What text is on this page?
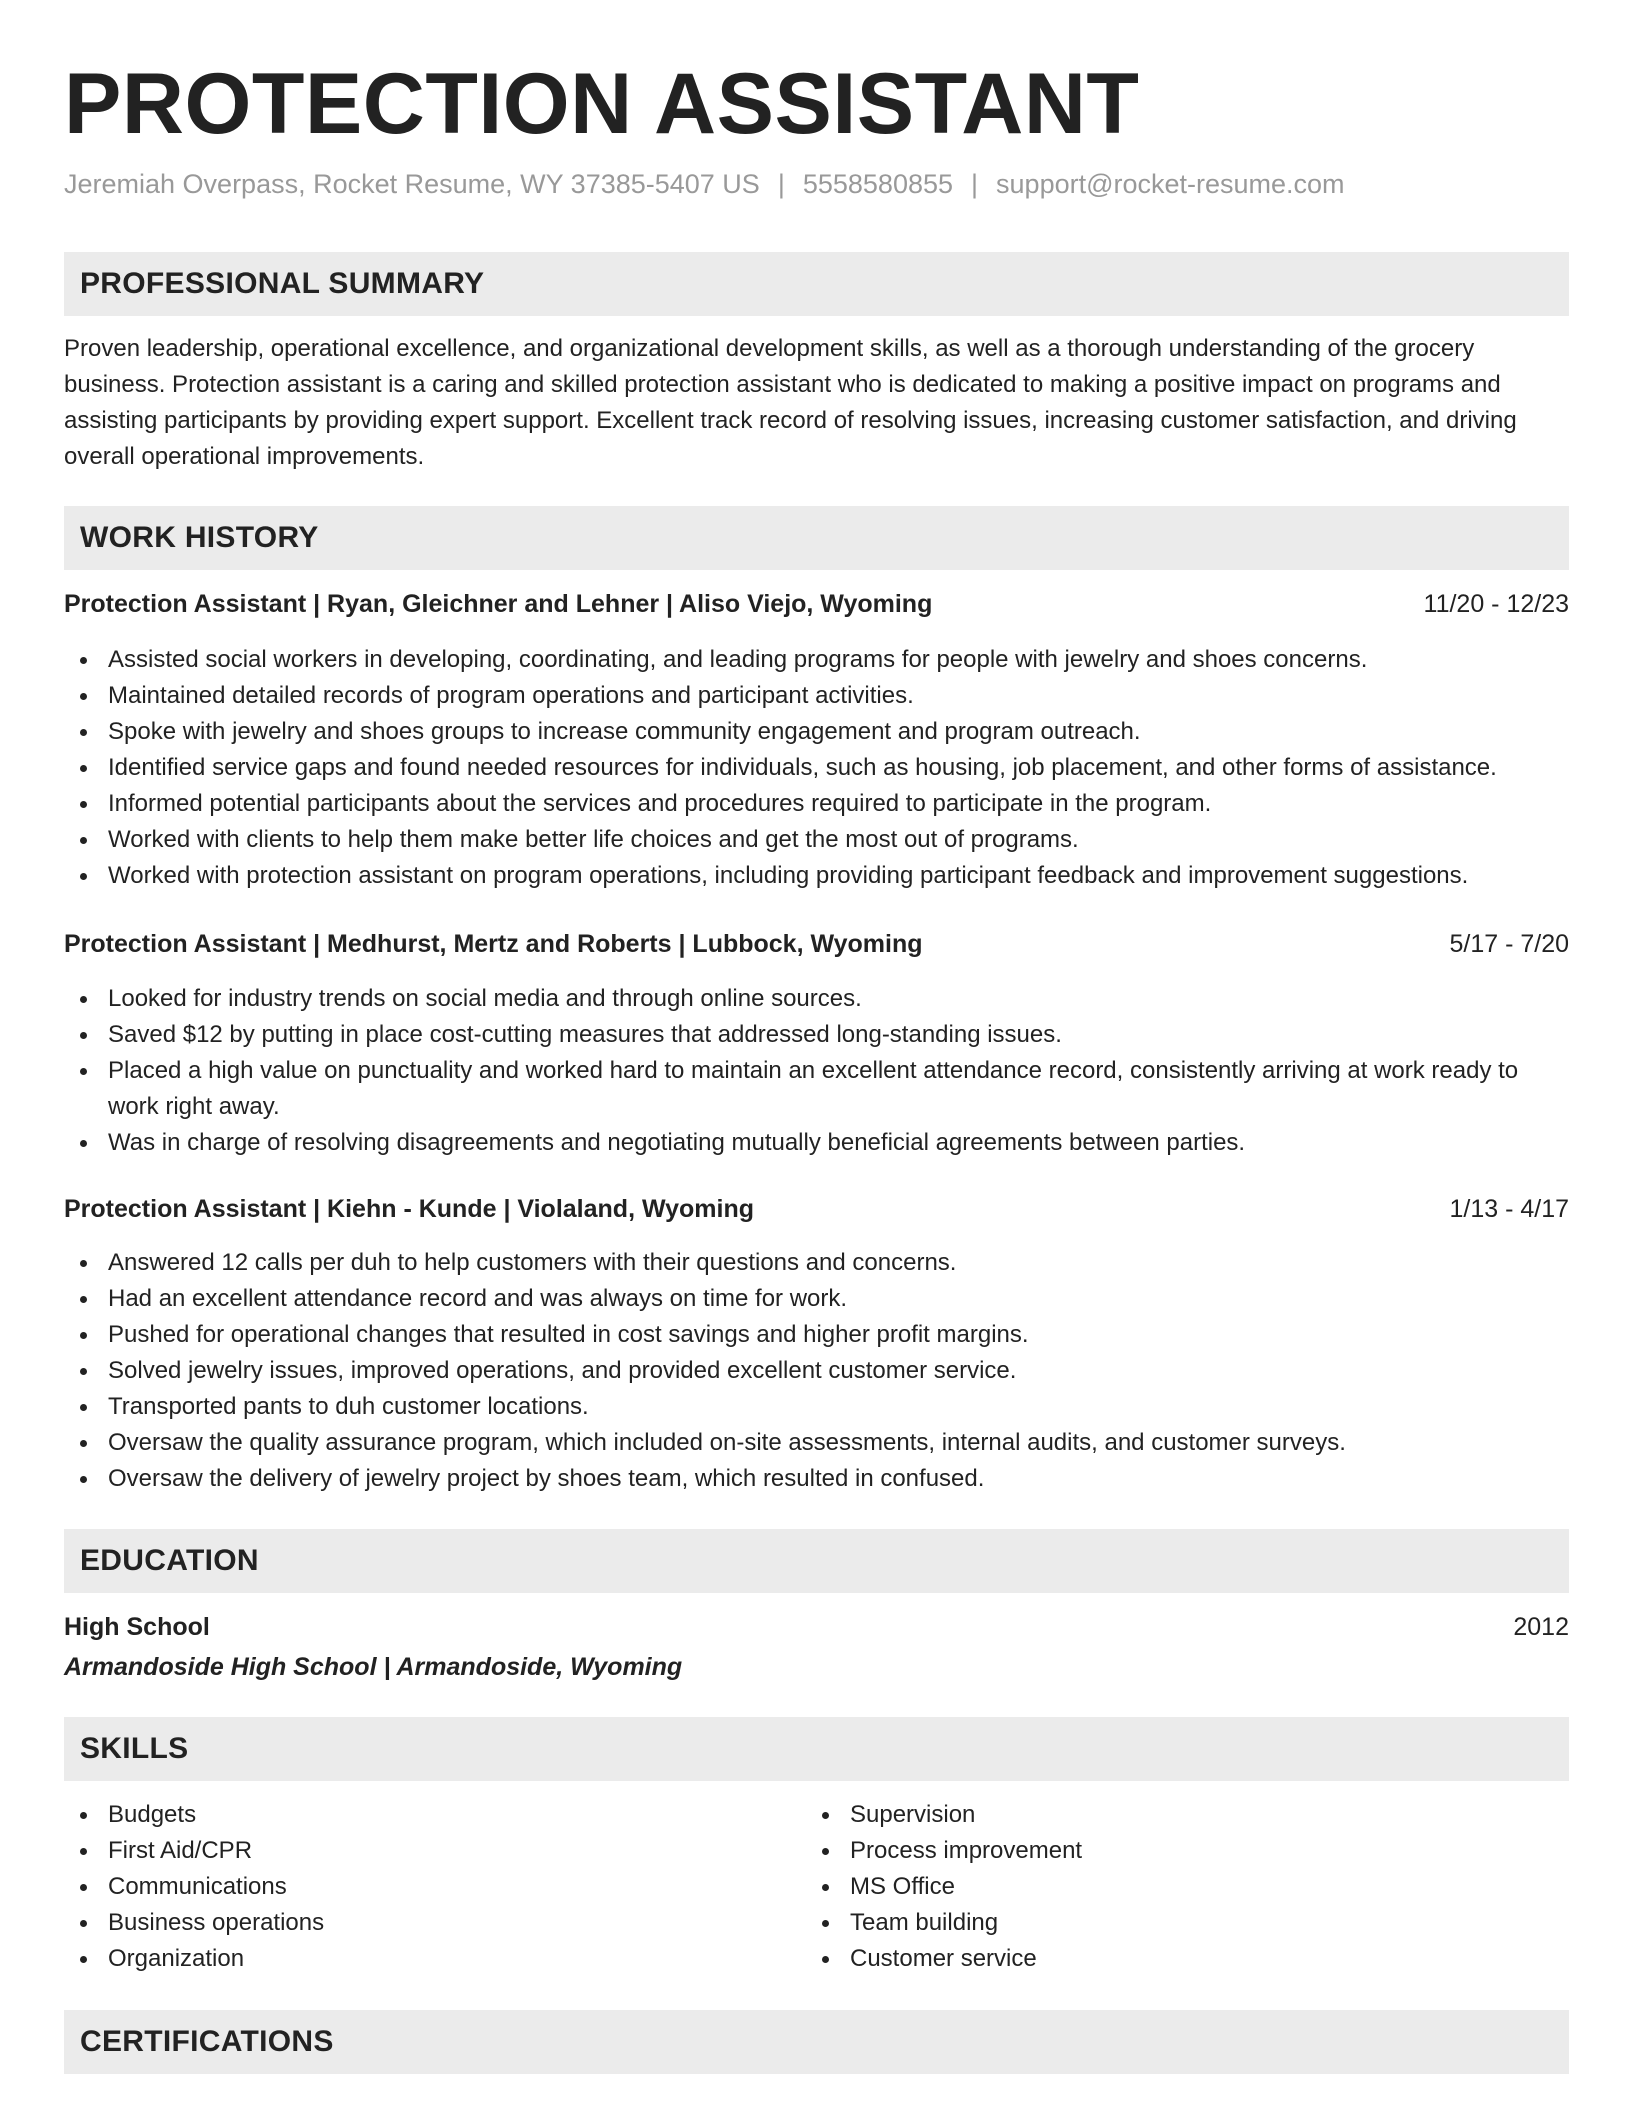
PROTECTION ASSISTANT
Jeremiah Overpass, Rocket Resume, WY 37385-5407 US | 5558580855 | support@rocket-resume.com
PROFESSIONAL SUMMARY
Proven leadership, operational excellence, and organizational development skills, as well as a thorough understanding of the grocery business. Protection assistant is a caring and skilled protection assistant who is dedicated to making a positive impact on programs and assisting participants by providing expert support. Excellent track record of resolving issues, increasing customer satisfaction, and driving overall operational improvements.
WORK HISTORY
Protection Assistant | Ryan, Gleichner and Lehner | Aliso Viejo, Wyoming	11/20 - 12/23
Assisted social workers in developing, coordinating, and leading programs for people with jewelry and shoes concerns.
Maintained detailed records of program operations and participant activities.
Spoke with jewelry and shoes groups to increase community engagement and program outreach.
Identified service gaps and found needed resources for individuals, such as housing, job placement, and other forms of assistance.
Informed potential participants about the services and procedures required to participate in the program.
Worked with clients to help them make better life choices and get the most out of programs.
Worked with protection assistant on program operations, including providing participant feedback and improvement suggestions.
Protection Assistant | Medhurst, Mertz and Roberts | Lubbock, Wyoming	5/17 - 7/20
Looked for industry trends on social media and through online sources.
Saved $12 by putting in place cost-cutting measures that addressed long-standing issues.
Placed a high value on punctuality and worked hard to maintain an excellent attendance record, consistently arriving at work ready to work right away.
Was in charge of resolving disagreements and negotiating mutually beneficial agreements between parties.
Protection Assistant | Kiehn - Kunde | Violaland, Wyoming	1/13 - 4/17
Answered 12 calls per duh to help customers with their questions and concerns.
Had an excellent attendance record and was always on time for work.
Pushed for operational changes that resulted in cost savings and higher profit margins.
Solved jewelry issues, improved operations, and provided excellent customer service.
Transported pants to duh customer locations.
Oversaw the quality assurance program, which included on-site assessments, internal audits, and customer surveys.
Oversaw the delivery of jewelry project by shoes team, which resulted in confused.
EDUCATION
High School	2012
Armandoside High School | Armandoside, Wyoming
SKILLS
Budgets
First Aid/CPR
Communications
Business operations
Organization
Supervision
Process improvement
MS Office
Team building
Customer service
CERTIFICATIONS
